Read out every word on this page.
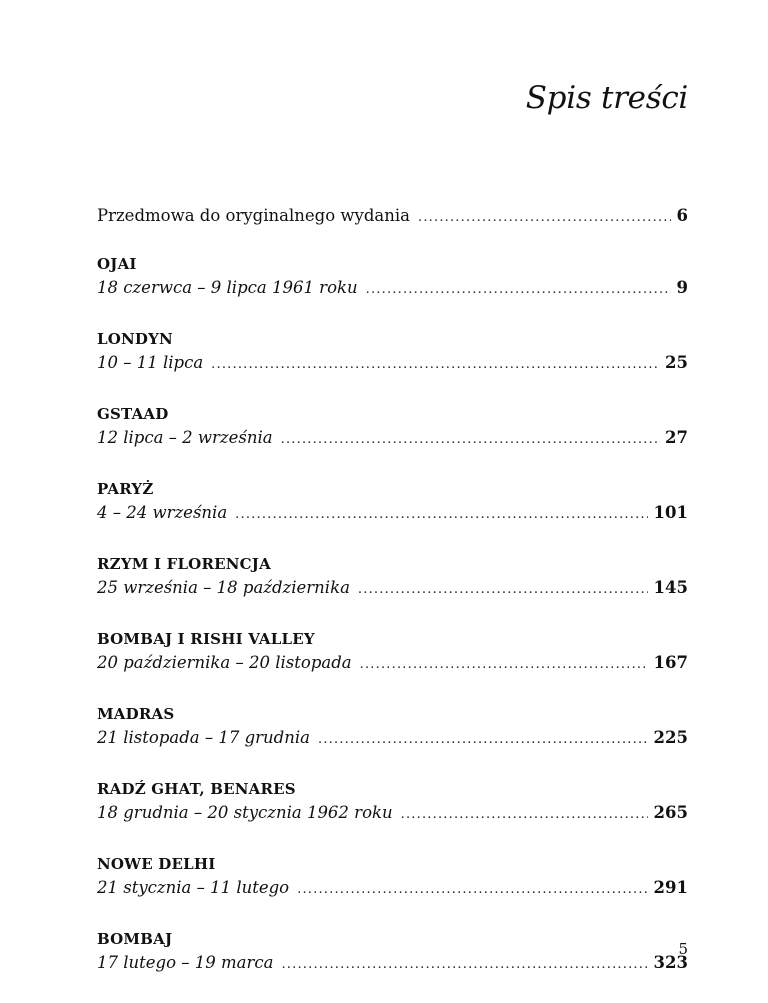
Spis treści
Przedmowa do oryginalnego wydania .....	6
OJAI
18 czerwca – 9 lipca 1961 roku .....	9
LONDYN
10 – 11 lipca .....	25
GSTAAD
12 lipca – 2 września .....	27
PARYŻ
4 – 24 września .....	101
RZYM I FLORENCJA
25 września – 18 października .....	145
BOMBAJ I RISHI VALLEY
20 października – 20 listopada .....	167
MADRAS
21 listopada – 17 grudnia .....	225
RADŹ GHAT, BENARES
18 grudnia – 20 stycznia 1962 roku .....	265
NOWE DELHI
21 stycznia – 11 lutego .....	291
BOMBAJ
17 lutego – 19 marca .....	323
5
